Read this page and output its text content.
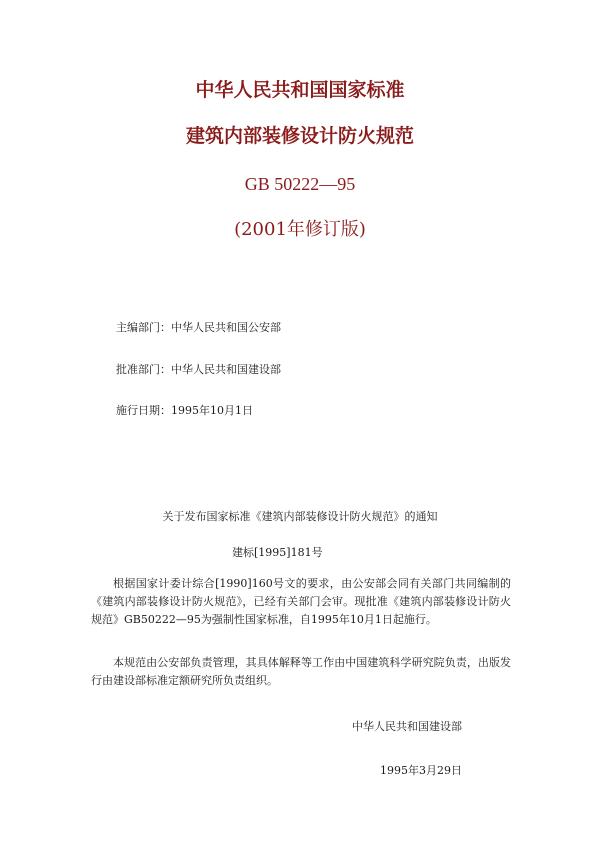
中华人民共和国国家标准
建筑内部装修设计防火规范
GB 50222—95
(2001年修订版)
主编部门：中华人民共和国公安部
批准部门：中华人民共和国建设部
施行日期：1995年10月1日
关于发布国家标准《建筑内部装修设计防火规范》的通知
建标[1995]181号

根据国家计委计综合[1990]160号文的要求，由公安部会同有关部门共同编制的《建筑内部装修设计防火规范》，已经有关部门会审。现批准《建筑内部装修设计防火规范》GB50222—95为强制性国家标准，自1995年10月1日起施行。

本规范由公安部负责管理，其具体解释等工作由中国建筑科学研究院负责，出版发行由建设部标准定额研究所负责组织。

中华人民共和国建设部
1995年3月29日
